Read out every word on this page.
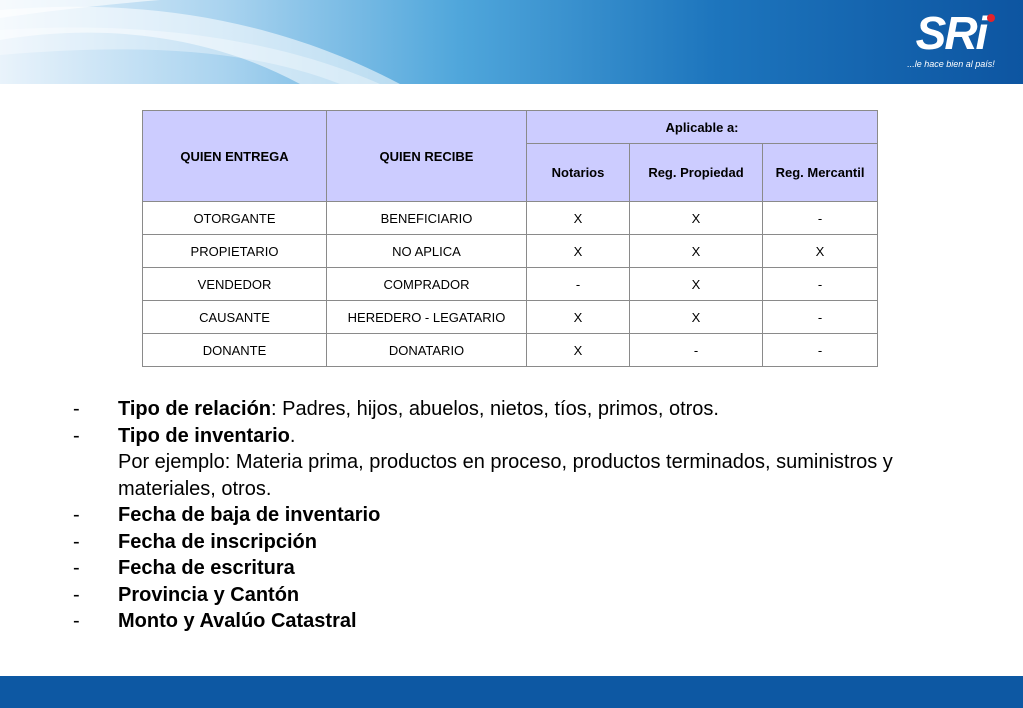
SRi
...le hace bien al país!
QUIEN ENTREGA	QUIEN RECIBE	Aplicable a:		
		Notarios	Reg. Propiedad	Reg. Mercantil
OTORGANTE	BENEFICIARIO	X	X	-
PROPIETARIO	NO APLICA	X	X	X
VENDEDOR	COMPRADOR	-	X	-
CAUSANTE	HEREDERO - LEGATARIO	X	X	-
DONANTE	DONATARIO	X	-	-
-	Tipo de relación: Padres, hijos, abuelos, nietos, tíos, primos, otros.
-	Tipo de inventario.
Por ejemplo: Materia prima, productos en proceso, productos terminados, suministros y materiales, otros.
-	Fecha de baja de inventario
-	Fecha de inscripción
-	Fecha de escritura
-	Provincia y Cantón
-	Monto y Avalúo Catastral
